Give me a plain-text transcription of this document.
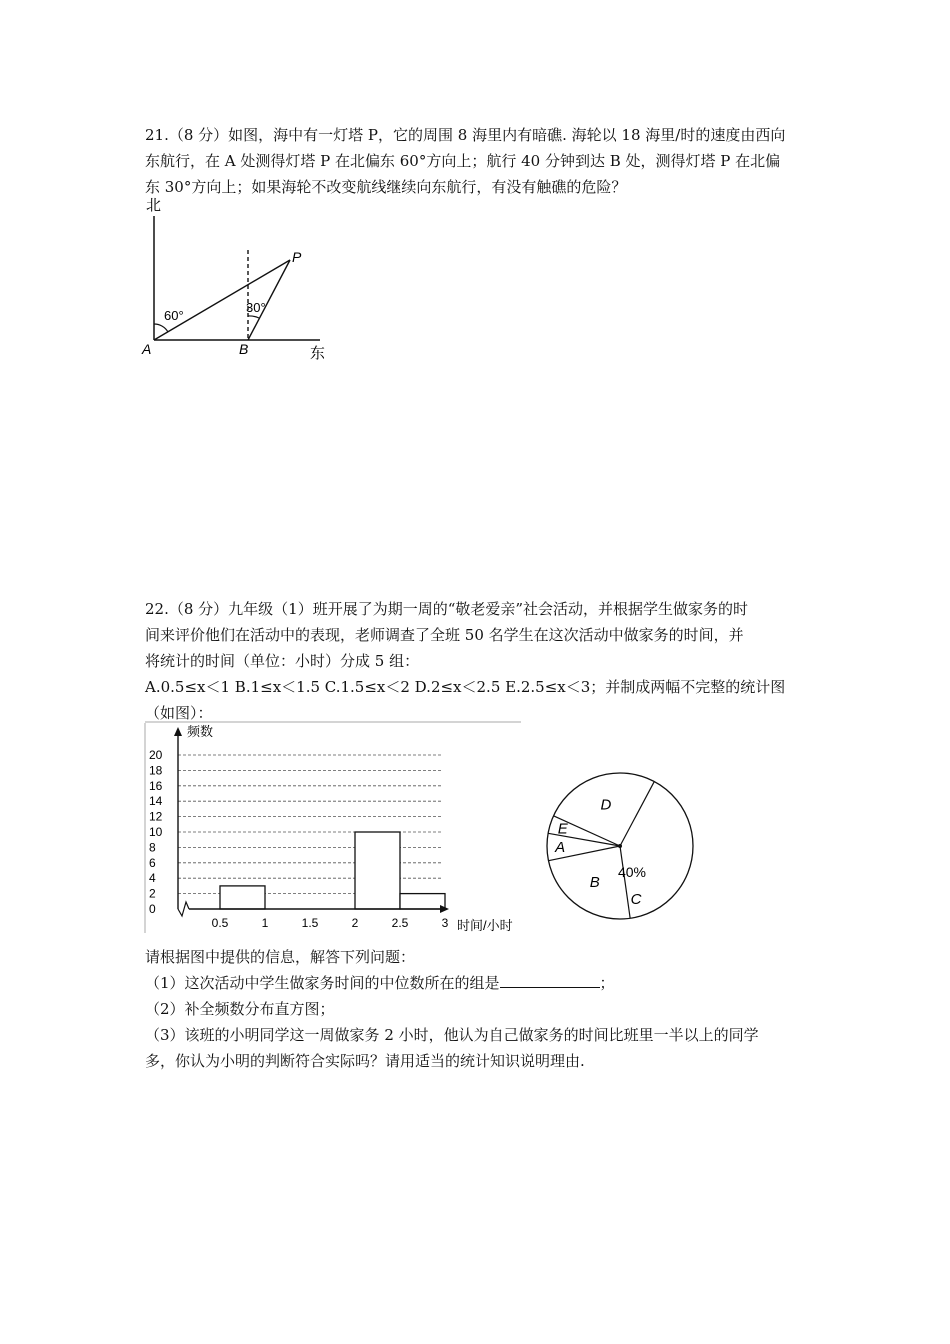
21.（8 分）如图，海中有一灯塔 P，它的周围 8 海里内有暗礁. 海轮以 18 海里/时的速度由西向
东航行，在 A 处测得灯塔 P 在北偏东 60°方向上；航行 40 分钟到达 B 处，测得灯塔 P 在北偏
东 30°方向上；如果海轮不改变航线继续向东航行，有没有触礁的危险？
北
东
60°
30°
P
A	B
22.（8 分）九年级（1）班开展了为期一周的“敬老爱亲”社会活动，并根据学生做家务的时
间来评价他们在活动中的表现，老师调查了全班 50 名学生在这次活动中做家务的时间，并
将统计的时间（单位：小时）分成 5 组：
A.0.5≤x＜1 B.1≤x＜1.5 C.1.5≤x＜2 D.2≤x＜2.5 E.2.5≤x＜3；并制成两幅不完整的统计图
（如图）：
0
2
4
6
8
10
12
14
16
18
20
0.5	1	1.5	2	2.5	3
频数
时间/小时
E
D
C
40%
B
A
请根据图中提供的信息，解答下列问题：
（1）这次活动中学生做家务时间的中位数所在的组是	；
（2）补全频数分布直方图；
（3）该班的小明同学这一周做家务 2 小时，他认为自己做家务的时间比班里一半以上的同学
多，你认为小明的判断符合实际吗？请用适当的统计知识说明理由.
